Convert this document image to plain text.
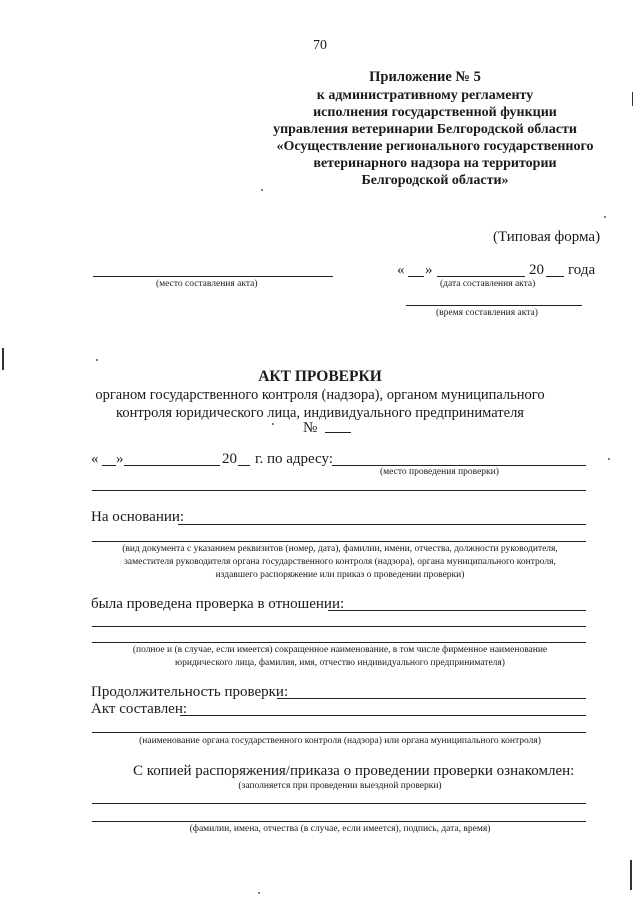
70
Приложение № 5
к административному регламенту
исполнения государственной функции
управления ветеринарии Белгородской области
«Осуществление регионального государственного
ветеринарного надзора на территории
Белгородской области»
(Типовая форма)
(место составления акта)
« »	20 года
(дата составления акта)
(время составления акта)
АКТ ПРОВЕРКИ
органом государственного контроля (надзора), органом муниципального
контроля юридического лица, индивидуального предпринимателя
№
« »	20 г. по адресу:
(место проведения проверки)
На основании:
(вид документа с указанием реквизитов (номер, дата), фамилии, имени, отчества, должности руководителя,
заместителя руководителя органа государственного контроля (надзора), органа муниципального контроля,
издавшего распоряжение или приказ о проведении проверки)
была проведена проверка в отношении:
(полное и (в случае, если имеется) сокращенное наименование, в том числе фирменное наименование
юридического лица, фамилия, имя, отчество индивидуального предпринимателя)
Продолжительность проверки:
Акт составлен:
(наименование органа государственного контроля (надзора) или органа муниципального контроля)
С копией распоряжения/приказа о проведении проверки ознакомлен:
(заполняется при проведении выездной проверки)
(фамилии, имена, отчества (в случае, если имеется), подпись, дата, время)
